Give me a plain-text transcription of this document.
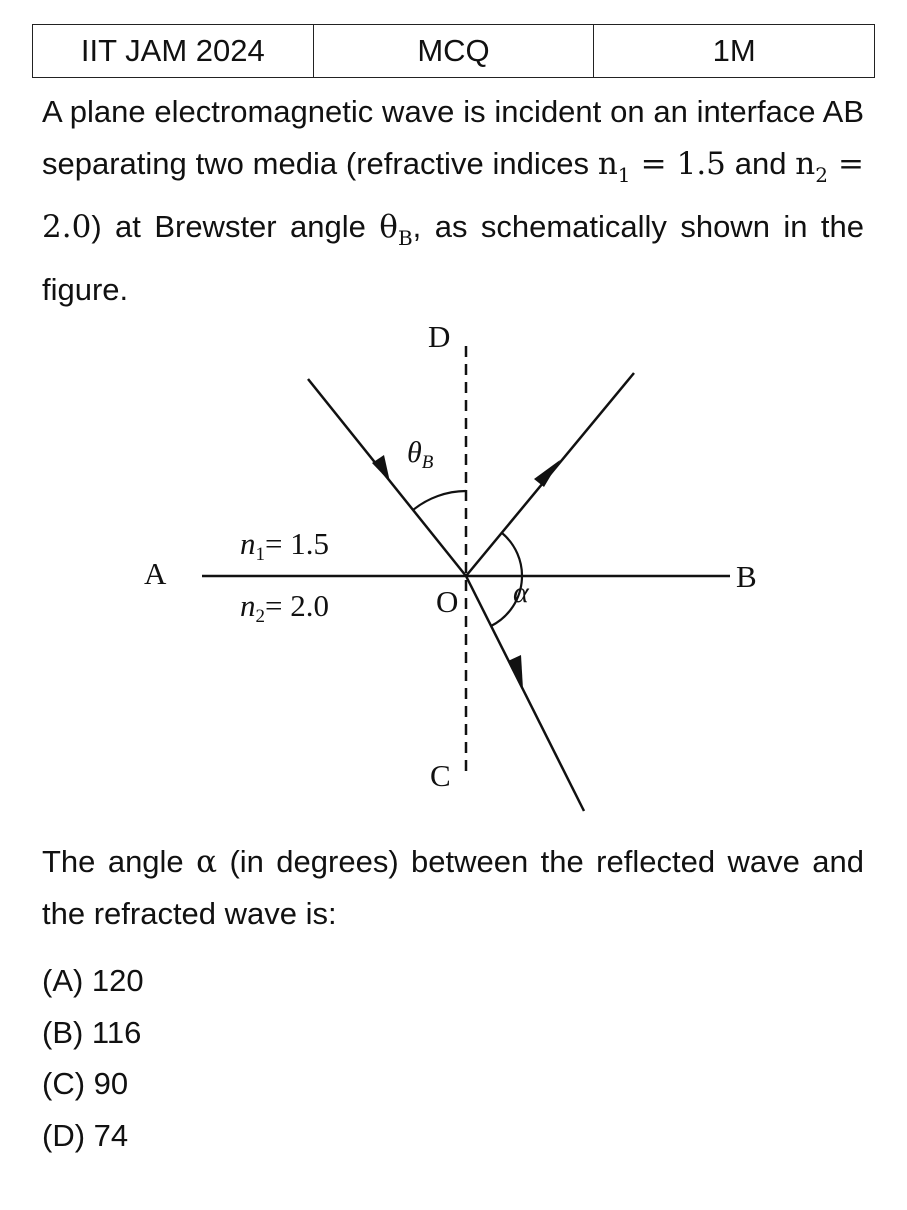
IIT JAM 2024	MCQ	1M

A plane electromagnetic wave is incident on an interface AB separating two media (refractive indices $n_1 = 1.5$ and $n_2 = 2.0$) at Brewster angle $\theta_B$, as schematically shown in the figure.

D
A	B
O
C
$\theta_B$
α
n1= 1.5
n2= 2.0

The angle α (in degrees) between the reflected wave and the refracted wave is:

(A) 120
(B) 116
(C) 90
(D) 74
